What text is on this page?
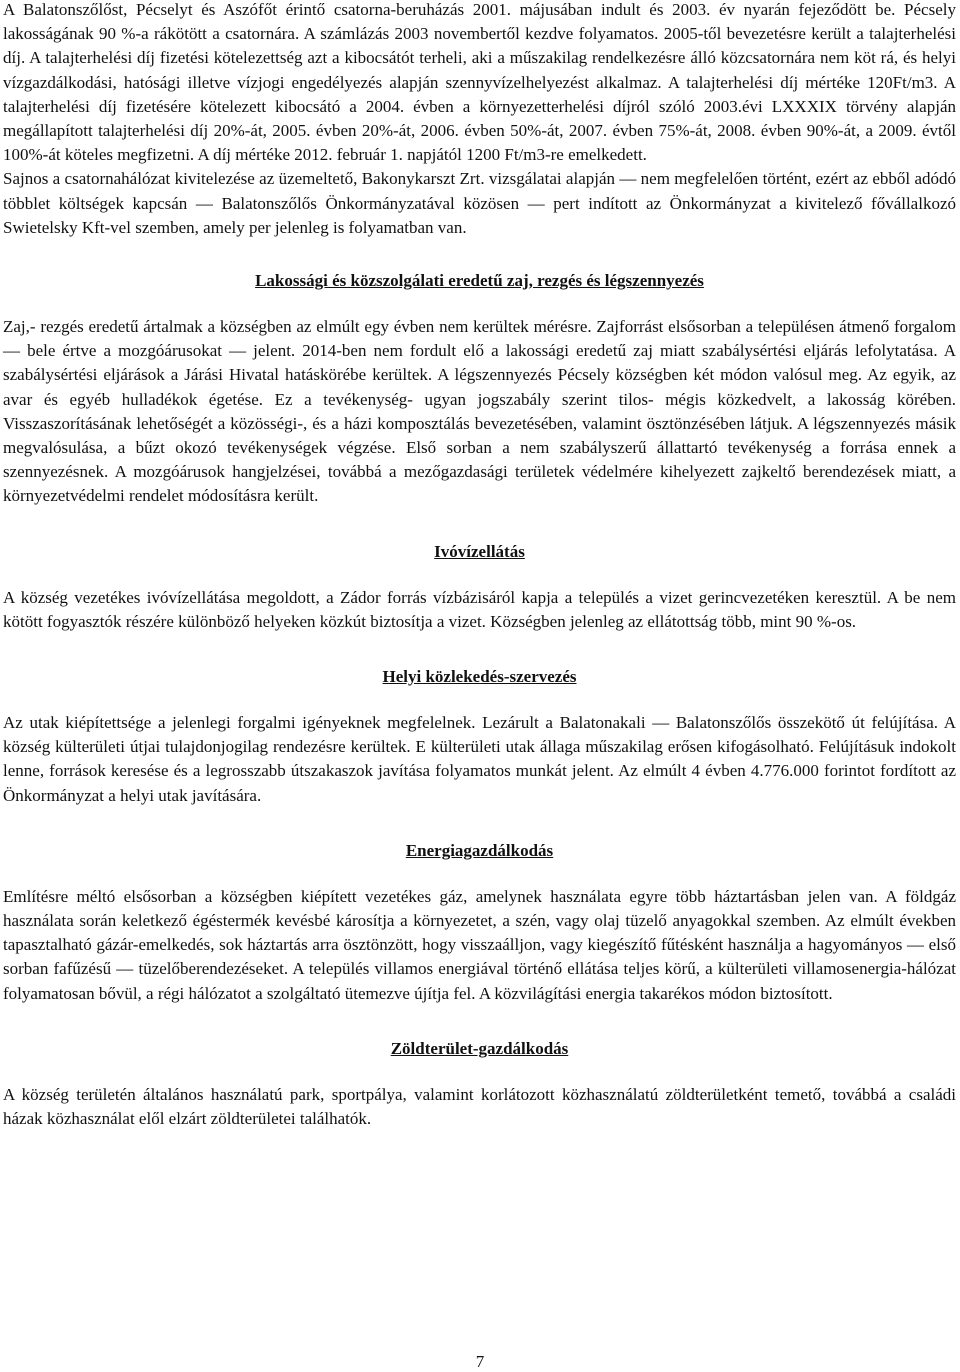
A Balatonszőlőst, Pécselyt és Aszófőt érintő csatorna-beruházás 2001. májusában indult és 2003. év nyarán fejeződött be. Pécsely lakosságának 90 %-a rákötött a csatornára. A számlázás 2003 novembertől kezdve folyamatos. 2005-től bevezetésre került a talajterhelési díj. A talajterhelési díj fizetési kötelezettség azt a kibocsátót terheli, aki a műszakilag rendelkezésre álló közcsatornára nem köt rá, és helyi vízgazdálkodási, hatósági illetve vízjogi engedélyezés alapján szennyvízelhelyezést alkalmaz. A talajterhelési díj mértéke 120Ft/m3. A talajterhelési díj fizetésére kötelezett kibocsátó a 2004. évben a környezetterhelési díjról szóló 2003.évi LXXXIX törvény alapján megállapított talajterhelési díj 20%-át, 2005. évben 20%-át, 2006. évben 50%-át, 2007. évben 75%-át, 2008. évben 90%-át, a 2009. évtől 100%-át köteles megfizetni. A díj mértéke 2012. február 1. napjától 1200 Ft/m3-re emelkedett.

Sajnos a csatornahálózat kivitelezése az üzemeltető, Bakonykarszt Zrt. vizsgálatai alapján — nem megfelelően történt, ezért az ebből adódó többlet költségek kapcsán — Balatonszőlős Önkormányzatával közösen — pert indított az Önkormányzat a kivitelező fővállalkozó Swietelsky Kft-vel szemben, amely per jelenleg is folyamatban van.

Lakossági és közszolgálati eredetű zaj, rezgés és légszennyezés

Zaj,- rezgés eredetű ártalmak a községben az elmúlt egy évben nem kerültek mérésre. Zajforrást elsősorban a településen átmenő forgalom — bele értve a mozgóárusokat — jelent. 2014-ben nem fordult elő a lakossági eredetű zaj miatt szabálysértési eljárás lefolytatása. A szabálysértési eljárások a Járási Hivatal hatáskörébe kerültek. A légszennyezés Pécsely községben két módon valósul meg. Az egyik, az avar és egyéb hulladékok égetése. Ez a tevékenység- ugyan jogszabály szerint tilos- mégis közkedvelt, a lakosság körében. Visszaszorításának lehetőségét a közösségi-, és a házi komposztálás bevezetésében, valamint ösztönzésében látjuk. A légszennyezés másik megvalósulása, a bűzt okozó tevékenységek végzése. Első sorban a nem szabályszerű állattartó tevékenység a forrása ennek a szennyezésnek. A mozgóárusok hangjelzései, továbbá a mezőgazdasági területek védelmére kihelyezett zajkeltő berendezések miatt, a környezetvédelmi rendelet módosításra került.

Ivóvízellátás

A község vezetékes ivóvízellátása megoldott, a Zádor forrás vízbázisáról kapja a település a vizet gerincvezetéken keresztül. A be nem kötött fogyasztók részére különböző helyeken közkút biztosítja a vizet. Községben jelenleg az ellátottság több, mint 90 %-os.

Helyi közlekedés-szervezés

Az utak kiépítettsége a jelenlegi forgalmi igényeknek megfelelnek. Lezárult a Balatonakali — Balatonszőlős összekötő út felújítása. A község külterületi útjai tulajdonjogilag rendezésre kerültek. E külterületi utak állaga műszakilag erősen kifogásolható. Felújításuk indokolt lenne, források keresése és a legrosszabb útszakaszok javítása folyamatos munkát jelent. Az elmúlt 4 évben 4.776.000 forintot fordított az Önkormányzat a helyi utak javítására.

Energiagazdálkodás

Említésre méltó elsősorban a községben kiépített vezetékes gáz, amelynek használata egyre több háztartásban jelen van. A földgáz használata során keletkező égéstermék kevésbé károsítja a környezetet, a szén, vagy olaj tüzelő anyagokkal szemben. Az elmúlt években tapasztalható gázár-emelkedés, sok háztartás arra ösztönzött, hogy visszaálljon, vagy kiegészítő fűtésként használja a hagyományos — első sorban fafűzésű — tüzelőberendezéseket. A település villamos energiával történő ellátása teljes körű, a külterületi villamosenergia-hálózat folyamatosan bővül, a régi hálózatot a szolgáltató ütemezve újítja fel. A közvilágítási energia takarékos módon biztosított.

Zöldterület-gazdálkodás

A község területén általános használatú park, sportpálya, valamint korlátozott közhasználatú zöldterületként temető, továbbá a családi házak közhasználat elől elzárt zöldterületei találhatók.

7
